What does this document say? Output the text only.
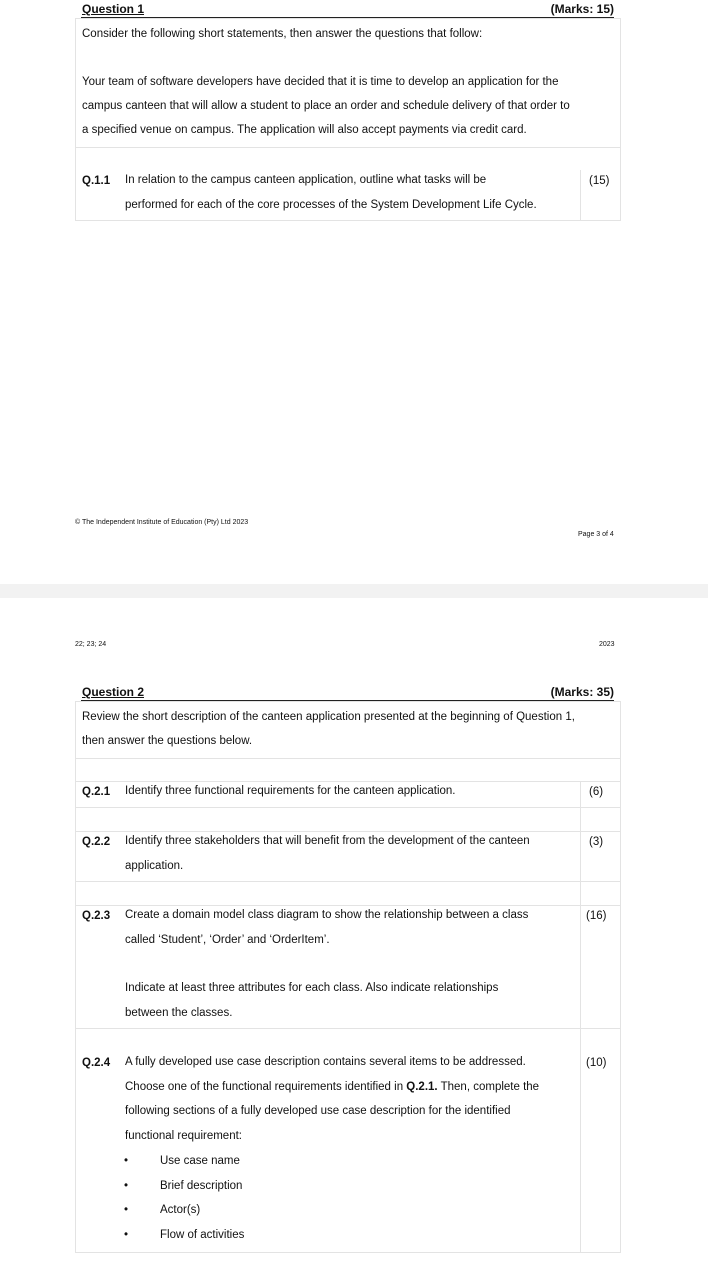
Question 1	(Marks: 15)
Consider the following short statements, then answer the questions that follow:
Your team of software developers have decided that it is time to develop an application for the
campus canteen that will allow a student to place an order and schedule delivery of that order to
a specified venue on campus. The application will also accept payments via credit card.
Q.1.1 In relation to the campus canteen application, outline what tasks will be
performed for each of the core processes of the System Development Life Cycle.
(15)
© The Independent Institute of Education (Pty) Ltd 2023
Page 3 of 4
22; 23; 24	2023
Question 2	(Marks: 35)
Review the short description of the canteen application presented at the beginning of Question 1,
then answer the questions below.
Q.2.1 Identify three functional requirements for the canteen application.	(6)
Q.2.2 Identify three stakeholders that will benefit from the development of the canteen
application.
(3)
Q.2.3 Create a domain model class diagram to show the relationship between a class
called ‘Student’, ‘Order’ and ‘OrderItem’.
Indicate at least three attributes for each class. Also indicate relationships
between the classes.
(16)
Q.2.4 A fully developed use case description contains several items to be addressed.
Choose one of the functional requirements identified in Q.2.1. Then, complete the
following sections of a fully developed use case description for the identified
functional requirement:
(10)
•	Use case name
•	Brief description
•	Actor(s)
•	Flow of activities
